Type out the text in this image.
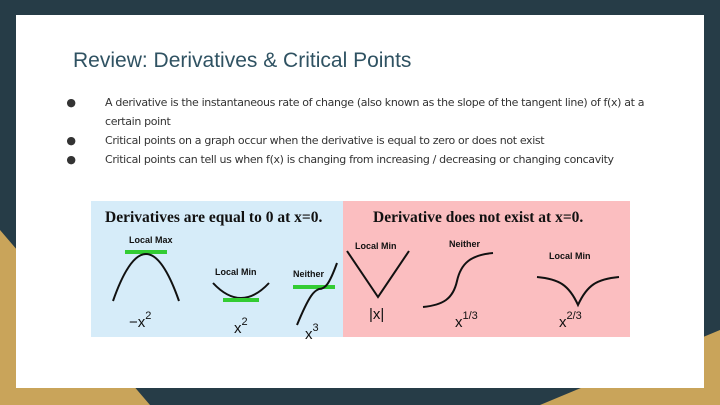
Review: Derivatives & Critical Points
●	A derivative is the instantaneous rate of change (also known as the slope of the tangent line) of f(x) at a certain point
●	Critical points on a graph occur when the derivative is equal to zero or does not exist
●	Critical points can tell us when f(x) is changing from increasing / decreasing or changing concavity
Derivatives are equal to 0 at x=0.
Local Max
$-x^2$
Local Min
$x^2$
Neither
$x^3$
Derivative does not exist at x=0.
Local Min
|x|
Neither
$x^{1/3}$
Local Min
$x^{2/3}$
